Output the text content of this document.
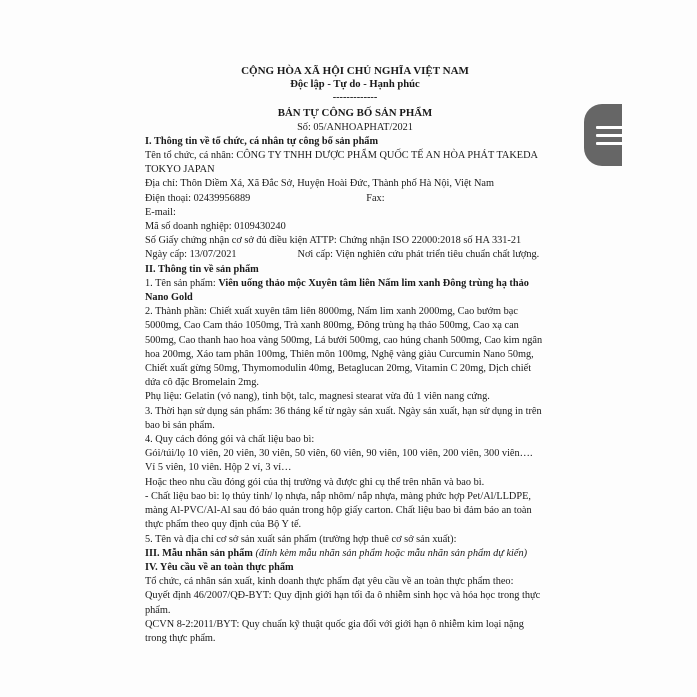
CỘNG HÒA XÃ HỘI CHỦ NGHĨA VIỆT NAM
Độc lập - Tự do - Hạnh phúc
-------------
BẢN TỰ CÔNG BỐ SẢN PHẨM
Số: 05/ANHOAPHAT/2021
I. Thông tin về tổ chức, cá nhân tự công bố sản phẩm
Tên tổ chức, cá nhân: CÔNG TY TNHH DƯỢC PHẨM QUỐC TẾ AN HÒA PHÁT TAKEDA
TOKYO JAPAN
Địa chỉ: Thôn Diềm Xá, Xã Đắc Sở, Huyện Hoài Đức, Thành phố Hà Nội, Việt Nam
Điện thoại: 02439956889	Fax:
E-mail:
Mã số doanh nghiệp: 0109430240
Số Giấy chứng nhận cơ sở đủ điều kiện ATTP: Chứng nhận ISO 22000:2018 số HA 331-21
Ngày cấp: 13/07/2021	Nơi cấp: Viện nghiên cứu phát triển tiêu chuẩn chất lượng.
II. Thông tin về sản phẩm
1. Tên sản phẩm: Viên uống thảo mộc Xuyên tâm liên Nấm lim xanh Đông trùng hạ thảo
Nano Gold
2. Thành phần: Chiết xuất xuyên tâm liên 8000mg, Nấm lim xanh 2000mg, Cao bướm bạc
5000mg, Cao Cam thảo 1050mg, Trà xanh 800mg, Đông trùng hạ thảo 500mg, Cao xạ can
500mg, Cao thanh hao hoa vàng 500mg, Lá bưởi 500mg, cao húng chanh 500mg, Cao kim ngân
hoa 200mg, Xáo tam phân 100mg, Thiên môn 100mg, Nghệ vàng giàu Curcumin Nano 50mg,
Chiết xuất gừng 50mg, Thymomodulin 40mg, Betaglucan 20mg, Vitamin C 20mg, Dịch chiết
dứa cô đặc Bromelain 2mg.
Phụ liệu: Gelatin (vỏ nang), tinh bột, talc, magnesi stearat vừa đủ 1 viên nang cứng.
3. Thời hạn sử dụng sản phẩm: 36 tháng kể từ ngày sản xuất. Ngày sản xuất, hạn sử dụng in trên
bao bì sản phẩm.
4. Quy cách đóng gói và chất liệu bao bì:
Gói/túi/lọ 10 viên, 20 viên, 30 viên, 50 viên, 60 viên, 90 viên, 100 viên, 200 viên, 300 viên….
Vỉ 5 viên, 10 viên. Hộp 2 vỉ, 3 vỉ…
Hoặc theo nhu cầu đóng gói của thị trường và được ghi cụ thể trên nhãn và bao bì.
- Chất liệu bao bì: lọ thủy tinh/ lọ nhựa, nắp nhôm/ nắp nhựa, màng phức hợp Pet/Al/LLDPE,
màng Al-PVC/Al-Al sau đó bảo quản trong hộp giấy carton. Chất liệu bao bì đảm bảo an toàn
thực phẩm theo quy định của Bộ Y tế.
5. Tên và địa chỉ cơ sở sản xuất sản phẩm (trường hợp thuê cơ sở sản xuất):
III. Mẫu nhãn sản phẩm (đính kèm mẫu nhãn sản phẩm hoặc mẫu nhãn sản phẩm dự kiến)
IV. Yêu cầu về an toàn thực phẩm
Tổ chức, cá nhân sản xuất, kinh doanh thực phẩm đạt yêu cầu về an toàn thực phẩm theo:
Quyết định 46/2007/QĐ-BYT: Quy định giới hạn tối đa ô nhiễm sinh học và hóa học trong thực
phẩm.
QCVN 8-2:2011/BYT: Quy chuẩn kỹ thuật quốc gia đối với giới hạn ô nhiễm kim loại nặng
trong thực phẩm.
